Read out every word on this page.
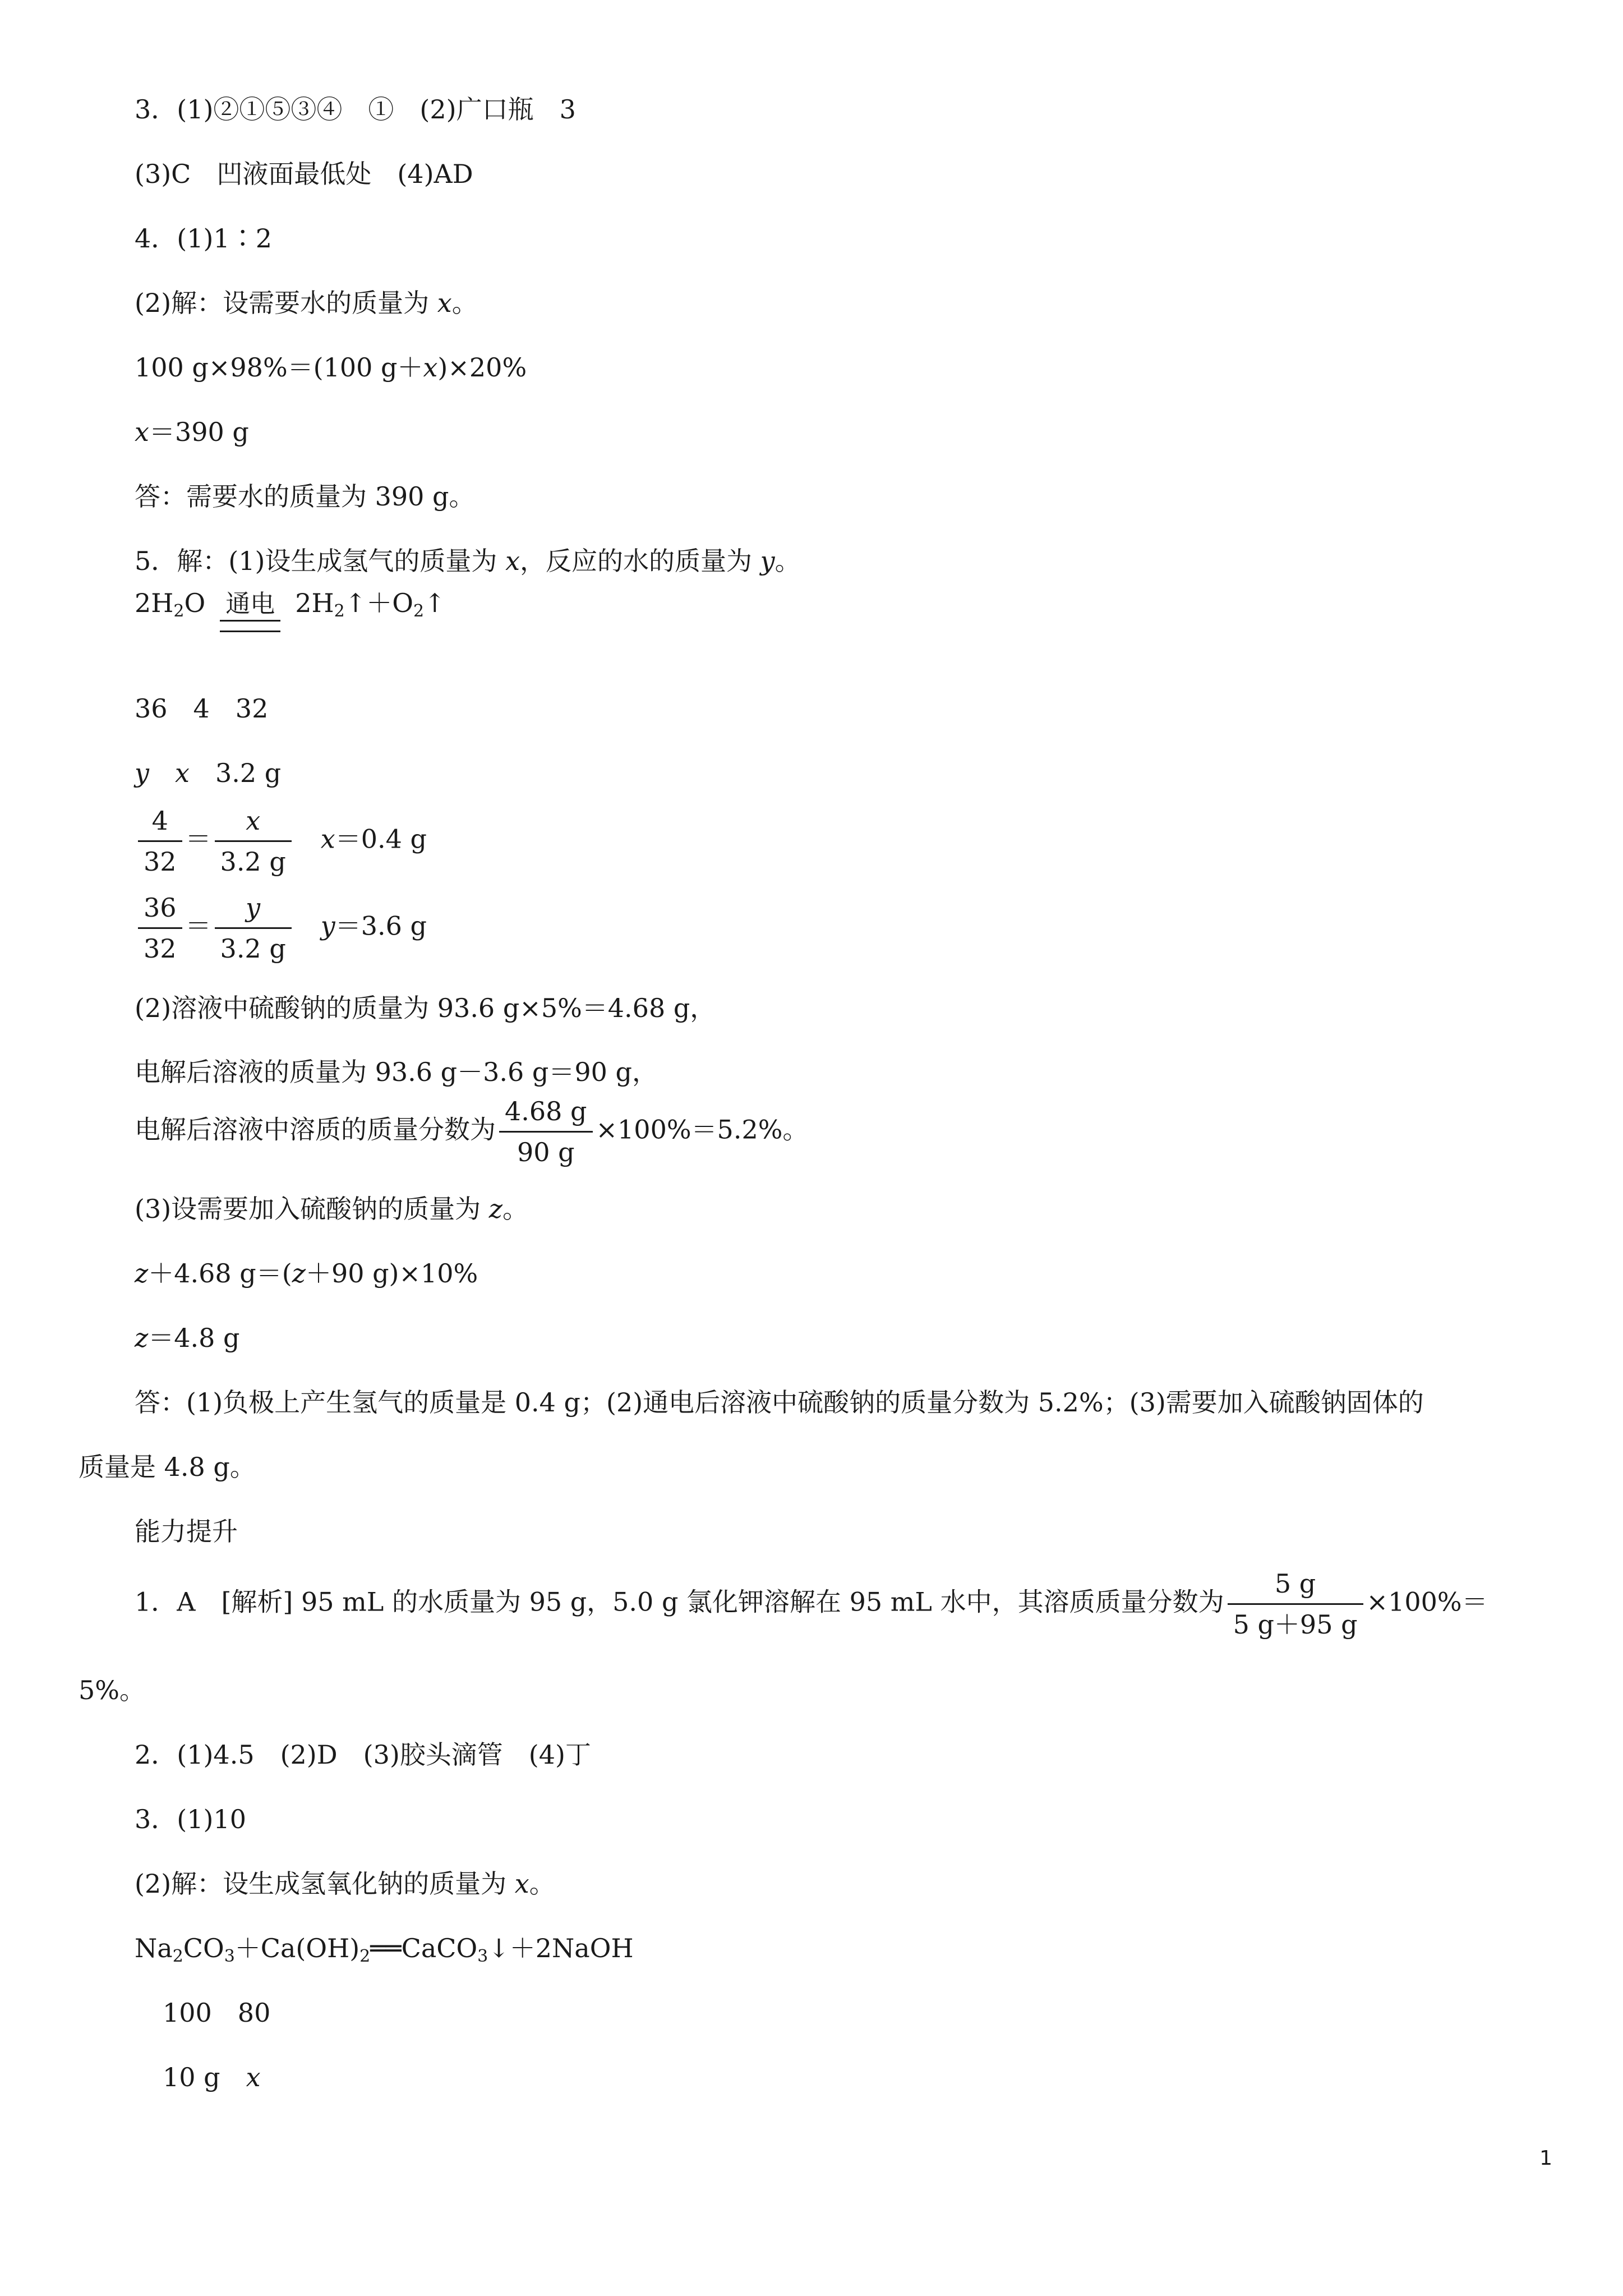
3．(1)②①⑤③④　①　(2)广口瓶　3
(3)C　凹液面最低处　(4)AD
4．(1)1∶2
(2)解：设需要水的质量为 x。
100 g×98%＝(100 g＋x)×20%
x＝390 g
答：需要水的质量为 390 g。
5．解：(1)设生成氢气的质量为 x，反应的水的质量为 y。
$2H_2O$ 通电 $2H_2↑+O_2↑$
36　4　32
y　 x　 3.2 g
$\frac{4}{32} = \frac{x}{3.2 g}$
　 x＝0.4 g
$\frac{36}{32} = \frac{y}{3.2 g}$
　 y＝3.6 g
(2)溶液中硫酸钠的质量为 93.6 g×5%＝4.68 g，
电解后溶液的质量为 93.6 g－3.6 g＝90 g，
电解后溶液中溶质的质量分数为 $\frac{4.68 g}{90 g} \times 100\%=5.2\%$。
(3)设需要加入硫酸钠的质量为 z。
z＋4.68 g＝(z＋90 g)×10%
z＝4.8 g
答：(1)负极上产生氢气的质量是 0.4 g；(2)通电后溶液中硫酸钠的质量分数为 5.2%；(3)需要加入硫酸钠固体的
质量是 4.8 g。
能力提升
1．A　[解析] 95 mL 的水质量为 95 g，5.0 g 氯化钾溶解在 95 mL 水中，其溶质质量分数为 $\frac{5 g}{5 g+95 g} \times 100\%=$
5%。
2．(1)4.5　(2)D　(3)胶头滴管　(4)丁
3．(1)10
(2)解：设生成氢氧化钠的质量为 x。
$Na_2CO_3+Ca(OH)_2══CaCO_3↓+2NaOH$
100　80
10 g　x
1
